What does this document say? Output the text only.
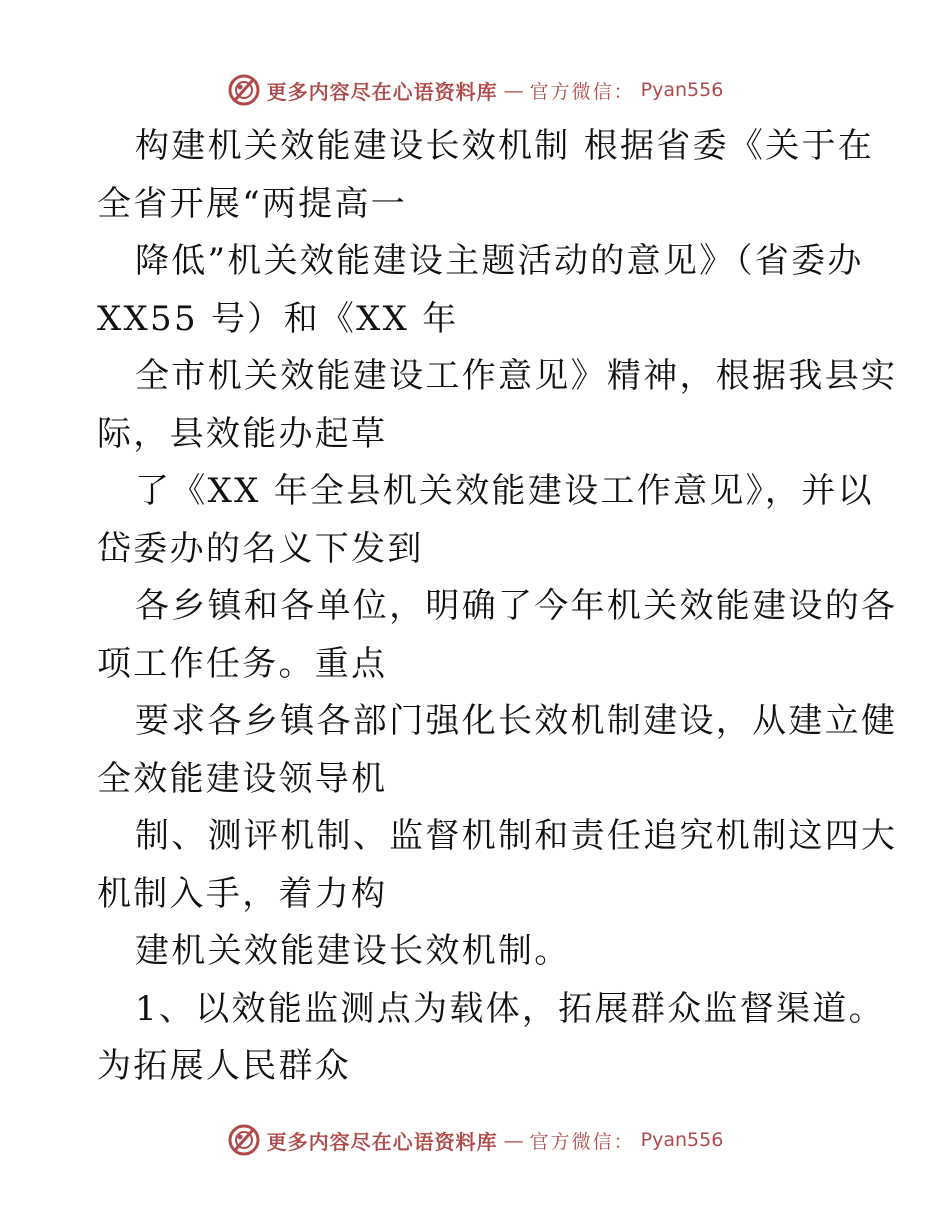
更多内容尽在心语资料库 — 官方微信： Pyan556
构建机关效能建设长效机制 根据省委《关于在
全省开展“两提高一
降低”机关效能建设主题活动的意见》（省委办
XX55 号）和《XX 年
全市机关效能建设工作意见》精神，根据我县实
际，县效能办起草
了《XX 年全县机关效能建设工作意见》，并以
岱委办的名义下发到
各乡镇和各单位，明确了今年机关效能建设的各
项工作任务。重点
要求各乡镇各部门强化长效机制建设，从建立健
全效能建设领导机
制、测评机制、监督机制和责任追究机制这四大
机制入手，着力构
建机关效能建设长效机制。
1、以效能监测点为载体，拓展群众监督渠道。
为拓展人民群众
更多内容尽在心语资料库 — 官方微信： Pyan556
